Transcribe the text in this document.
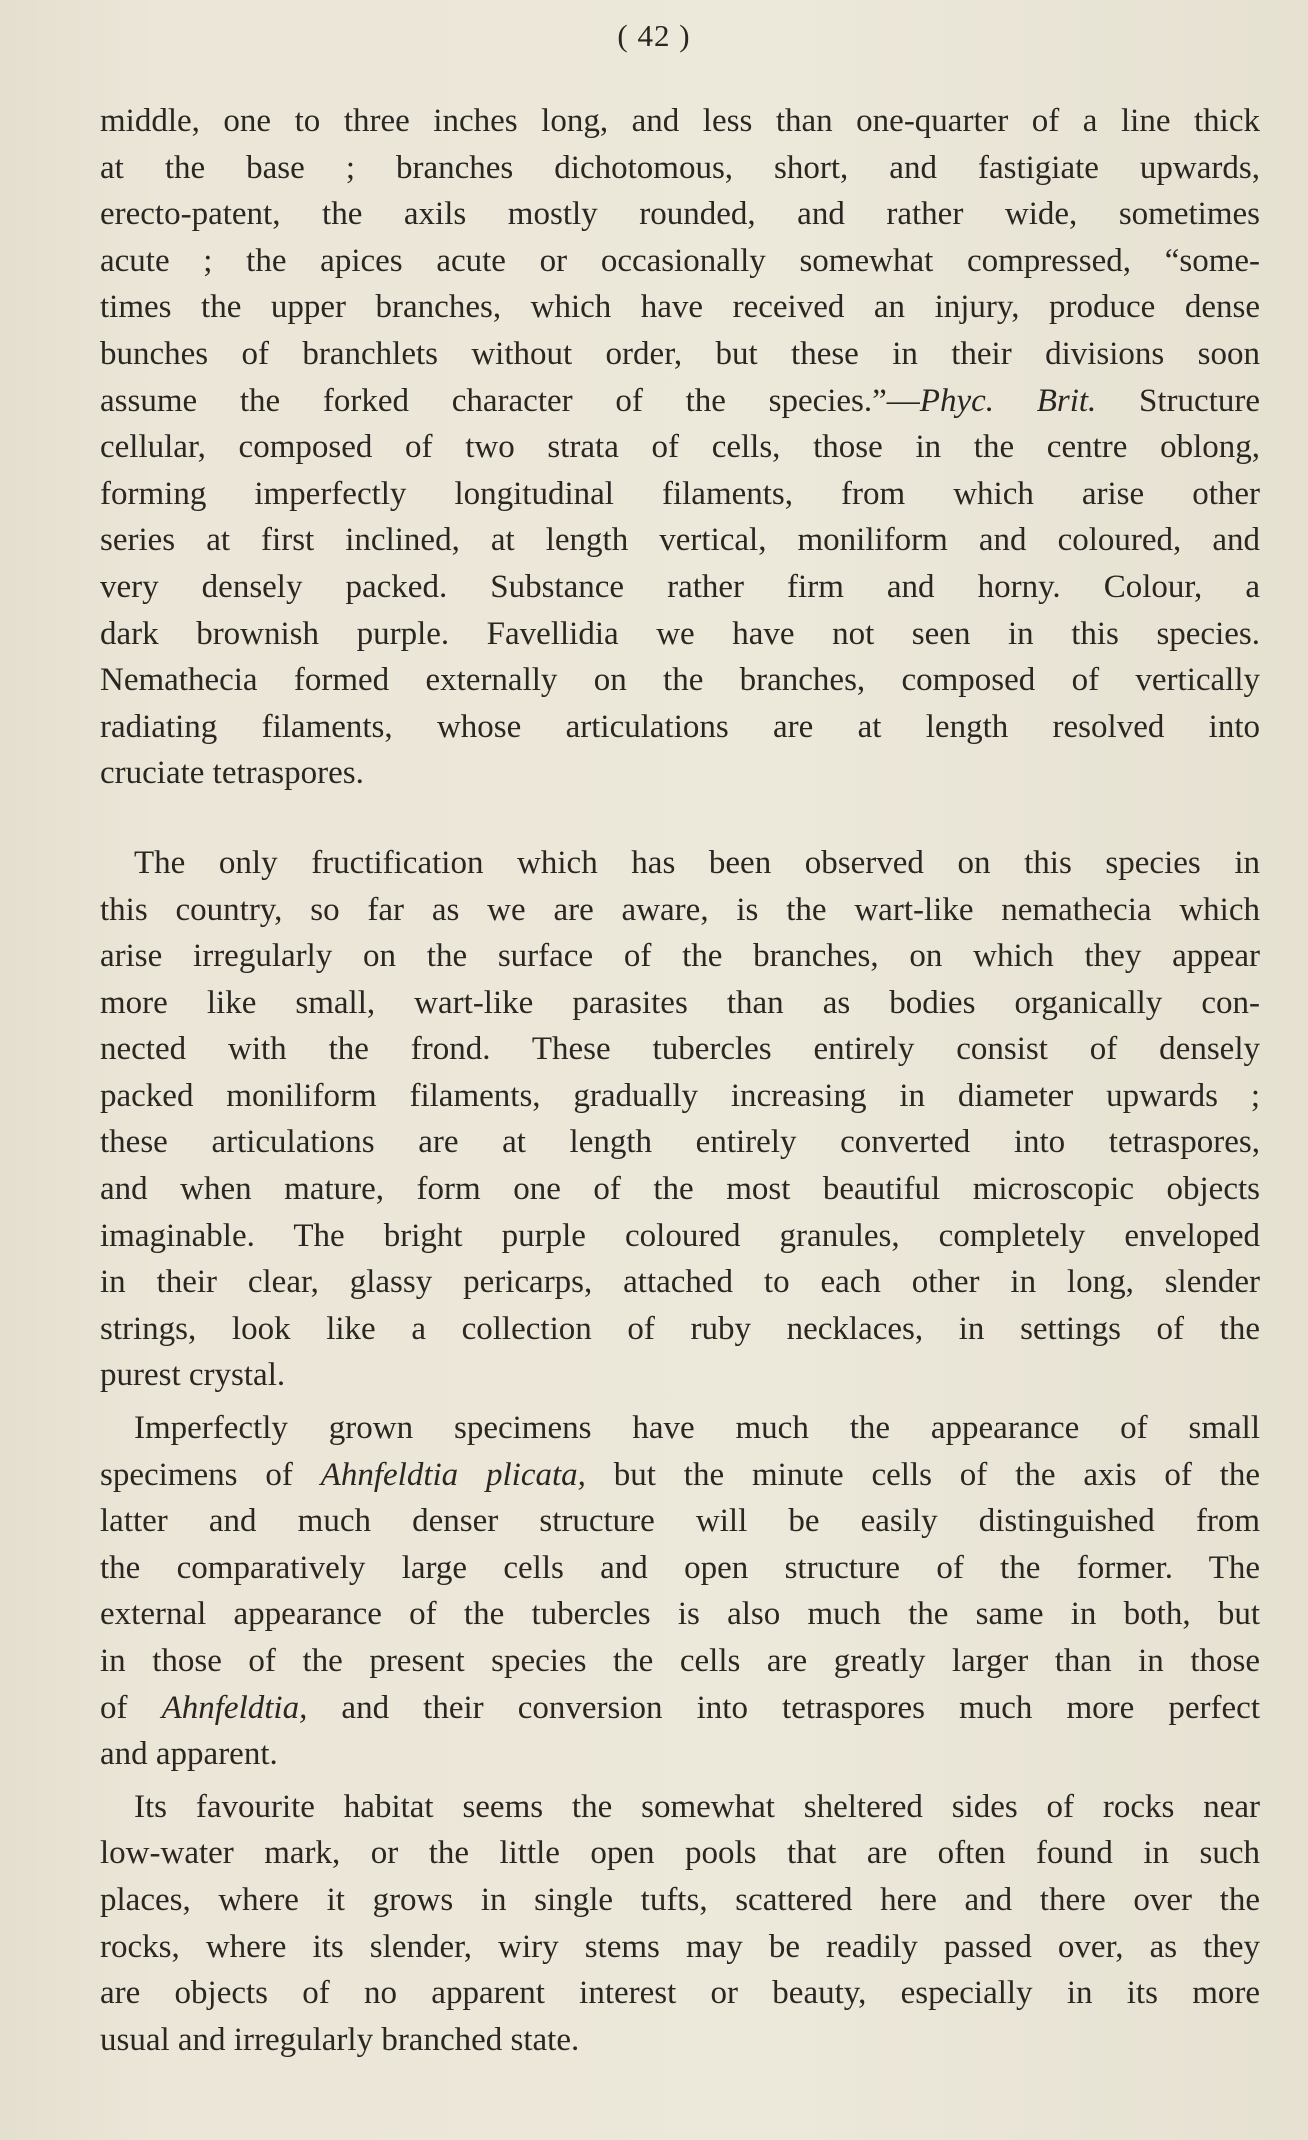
( 42 )

middle, one to three inches long, and less than one-quarter of a line thick
at the base ; branches dichotomous, short, and fastigiate upwards,
erecto-patent, the axils mostly rounded, and rather wide, sometimes
acute ; the apices acute or occasionally somewhat compressed, “some-
times the upper branches, which have received an injury, produce dense
bunches of branchlets without order, but these in their divisions soon
assume the forked character of the species.”—Phyc. Brit. Structure
cellular, composed of two strata of cells, those in the centre oblong,
forming imperfectly longitudinal filaments, from which arise other
series at first inclined, at length vertical, moniliform and coloured, and
very densely packed. Substance rather firm and horny. Colour, a
dark brownish purple. Favellidia we have not seen in this species.
Nemathecia formed externally on the branches, composed of vertically
radiating filaments, whose articulations are at length resolved into
cruciate tetraspores.

The only fructification which has been observed on this species in
this country, so far as we are aware, is the wart-like nemathecia which
arise irregularly on the surface of the branches, on which they appear
more like small, wart-like parasites than as bodies organically con-
nected with the frond. These tubercles entirely consist of densely
packed moniliform filaments, gradually increasing in diameter upwards ;
these articulations are at length entirely converted into tetraspores,
and when mature, form one of the most beautiful microscopic objects
imaginable. The bright purple coloured granules, completely enveloped
in their clear, glassy pericarps, attached to each other in long, slender
strings, look like a collection of ruby necklaces, in settings of the
purest crystal.

Imperfectly grown specimens have much the appearance of small
specimens of Ahnfeldtia plicata, but the minute cells of the axis of the
latter and much denser structure will be easily distinguished from
the comparatively large cells and open structure of the former. The
external appearance of the tubercles is also much the same in both, but
in those of the present species the cells are greatly larger than in those
of Ahnfeldtia, and their conversion into tetraspores much more perfect
and apparent.

Its favourite habitat seems the somewhat sheltered sides of rocks near
low-water mark, or the little open pools that are often found in such
places, where it grows in single tufts, scattered here and there over the
rocks, where its slender, wiry stems may be readily passed over, as they
are objects of no apparent interest or beauty, especially in its more
usual and irregularly branched state.
